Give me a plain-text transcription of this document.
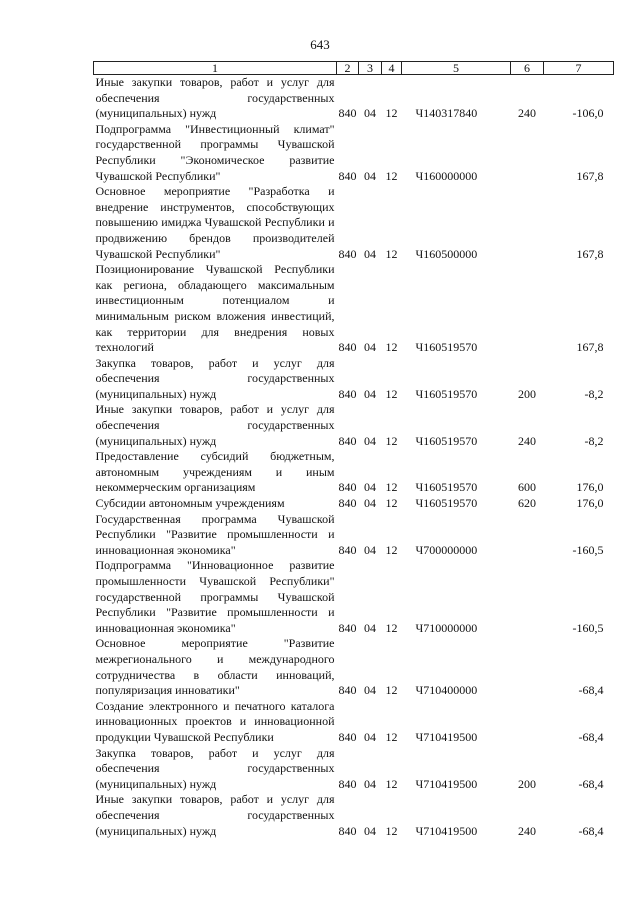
643
1	2	3	4	5	6	7
Иные закупки товаров, работ и услуг для обеспечения государственных (муниципальных) нужд	840	04	12	Ч140317840	240	-106,0
Подпрограмма "Инвестиционный климат" государственной программы Чувашской Республики "Экономическое развитие Чувашской Республики"	840	04	12	Ч160000000		167,8
Основное мероприятие "Разработка и внедрение инструментов, способствующих повышению имиджа Чувашской Республики и продвижению брендов производителей Чувашской Республики"	840	04	12	Ч160500000		167,8
Позиционирование Чувашской Республики как региона, обладающего максимальным инвестиционным потенциалом и минимальным риском вложения инвестиций, как территории для внедрения новых технологий	840	04	12	Ч160519570		167,8
Закупка товаров, работ и услуг для обеспечения государственных (муниципальных) нужд	840	04	12	Ч160519570	200	-8,2
Иные закупки товаров, работ и услуг для обеспечения государственных (муниципальных) нужд	840	04	12	Ч160519570	240	-8,2
Предоставление субсидий бюджетным, автономным учреждениям и иным некоммерческим организациям	840	04	12	Ч160519570	600	176,0
Субсидии автономным учреждениям	840	04	12	Ч160519570	620	176,0
Государственная программа Чувашской Республики "Развитие промышленности и инновационная экономика"	840	04	12	Ч700000000		-160,5
Подпрограмма "Инновационное развитие промышленности Чувашской Республики" государственной программы Чувашской Республики "Развитие промышленности и инновационная экономика"	840	04	12	Ч710000000		-160,5
Основное мероприятие "Развитие межрегионального и международного сотрудничества в области инноваций, популяризация инноватики"	840	04	12	Ч710400000		-68,4
Создание электронного и печатного каталога инновационных проектов и инновационной продукции Чувашской Республики	840	04	12	Ч710419500		-68,4
Закупка товаров, работ и услуг для обеспечения государственных (муниципальных) нужд	840	04	12	Ч710419500	200	-68,4
Иные закупки товаров, работ и услуг для обеспечения государственных (муниципальных) нужд	840	04	12	Ч710419500	240	-68,4
